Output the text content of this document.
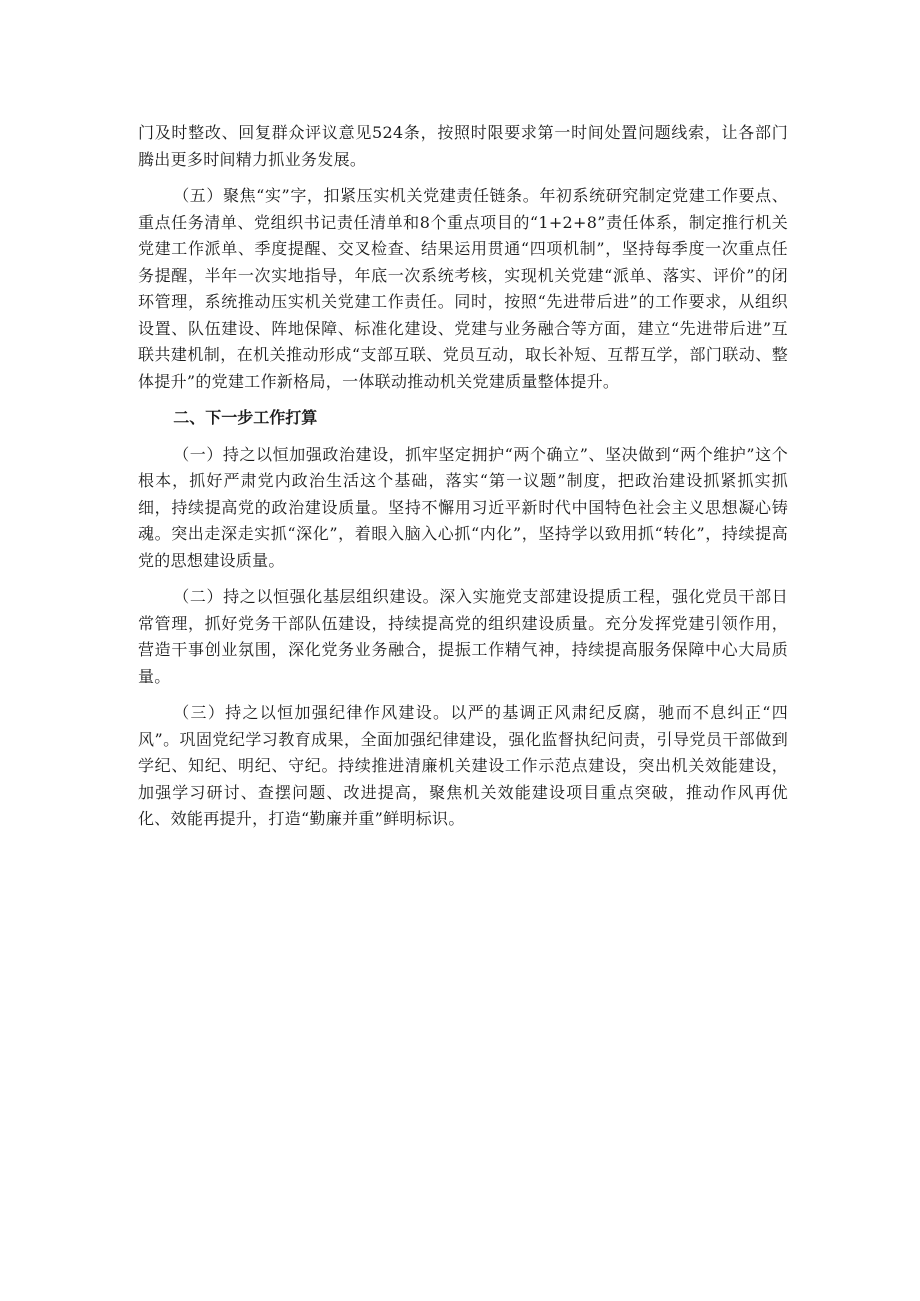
门及时整改、回复群众评议意见524条，按照时限要求第一时间处置问题线索，让各部门腾出更多时间精力抓业务发展。

（五）聚焦“实”字，扣紧压实机关党建责任链条。年初系统研究制定党建工作要点、重点任务清单、党组织书记责任清单和8个重点项目的“1+2+8”责任体系，制定推行机关党建工作派单、季度提醒、交叉检查、结果运用贯通“四项机制”，坚持每季度一次重点任务提醒，半年一次实地指导，年底一次系统考核，实现机关党建“派单、落实、评价”的闭环管理，系统推动压实机关党建工作责任。同时，按照“先进带后进”的工作要求，从组织设置、队伍建设、阵地保障、标准化建设、党建与业务融合等方面，建立“先进带后进”互联共建机制，在机关推动形成“支部互联、党员互动，取长补短、互帮互学，部门联动、整体提升”的党建工作新格局，一体联动推动机关党建质量整体提升。

二、下一步工作打算

（一）持之以恒加强政治建设，抓牢坚定拥护“两个确立”、坚决做到“两个维护”这个根本，抓好严肃党内政治生活这个基础，落实“第一议题”制度，把政治建设抓紧抓实抓细，持续提高党的政治建设质量。坚持不懈用习近平新时代中国特色社会主义思想凝心铸魂。突出走深走实抓“深化”，着眼入脑入心抓“内化”，坚持学以致用抓“转化”，持续提高党的思想建设质量。

（二）持之以恒强化基层组织建设。深入实施党支部建设提质工程，强化党员干部日常管理，抓好党务干部队伍建设，持续提高党的组织建设质量。充分发挥党建引领作用，营造干事创业氛围，深化党务业务融合，提振工作精气神，持续提高服务保障中心大局质量。

（三）持之以恒加强纪律作风建设。以严的基调正风肃纪反腐，驰而不息纠正“四风”。巩固党纪学习教育成果，全面加强纪律建设，强化监督执纪问责，引导党员干部做到学纪、知纪、明纪、守纪。持续推进清廉机关建设工作示范点建设，突出机关效能建设，加强学习研讨、查摆问题、改进提高，聚焦机关效能建设项目重点突破，推动作风再优化、效能再提升，打造“勤廉并重”鲜明标识。
